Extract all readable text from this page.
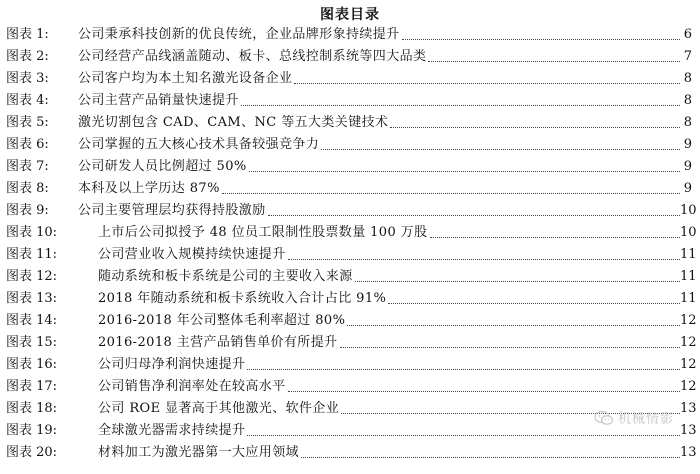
图表目录
图表 1: 公司秉承科技创新的优良传统，企业品牌形象持续提升	6
图表 2: 公司经营产品线涵盖随动、板卡、总线控制系统等四大品类	7
图表 3: 公司客户均为本土知名激光设备企业	8
图表 4: 公司主营产品销量快速提升	8
图表 5: 激光切割包含 CAD、CAM、NC 等五大类关键技术	8
图表 6: 公司掌握的五大核心技术具备较强竞争力	9
图表 7: 公司研发人员比例超过 50%	9
图表 8: 本科及以上学历达 87%	9
图表 9: 公司主要管理层均获得持股激励	10
图表 10:	上市后公司拟授予 48 位员工限制性股票数量 100 万股	10
图表 11:	公司营业收入规模持续快速提升	11
图表 12:	随动系统和板卡系统是公司的主要收入来源	11
图表 13:	2018 年随动系统和板卡系统收入合计占比 91%	11
图表 14:	2016-2018 年公司整体毛利率超过 80%	12
图表 15:	2016-2018 主营产品销售单价有所提升	12
图表 16:	公司归母净利润快速提升	12
图表 17:	公司销售净利润率处在较高水平	12
图表 18:	公司 ROE 显著高于其他激光、软件企业	13
图表 19:	全球激光器需求持续提升	13
图表 20:	材料加工为激光器第一大应用领域	13
机械情影
